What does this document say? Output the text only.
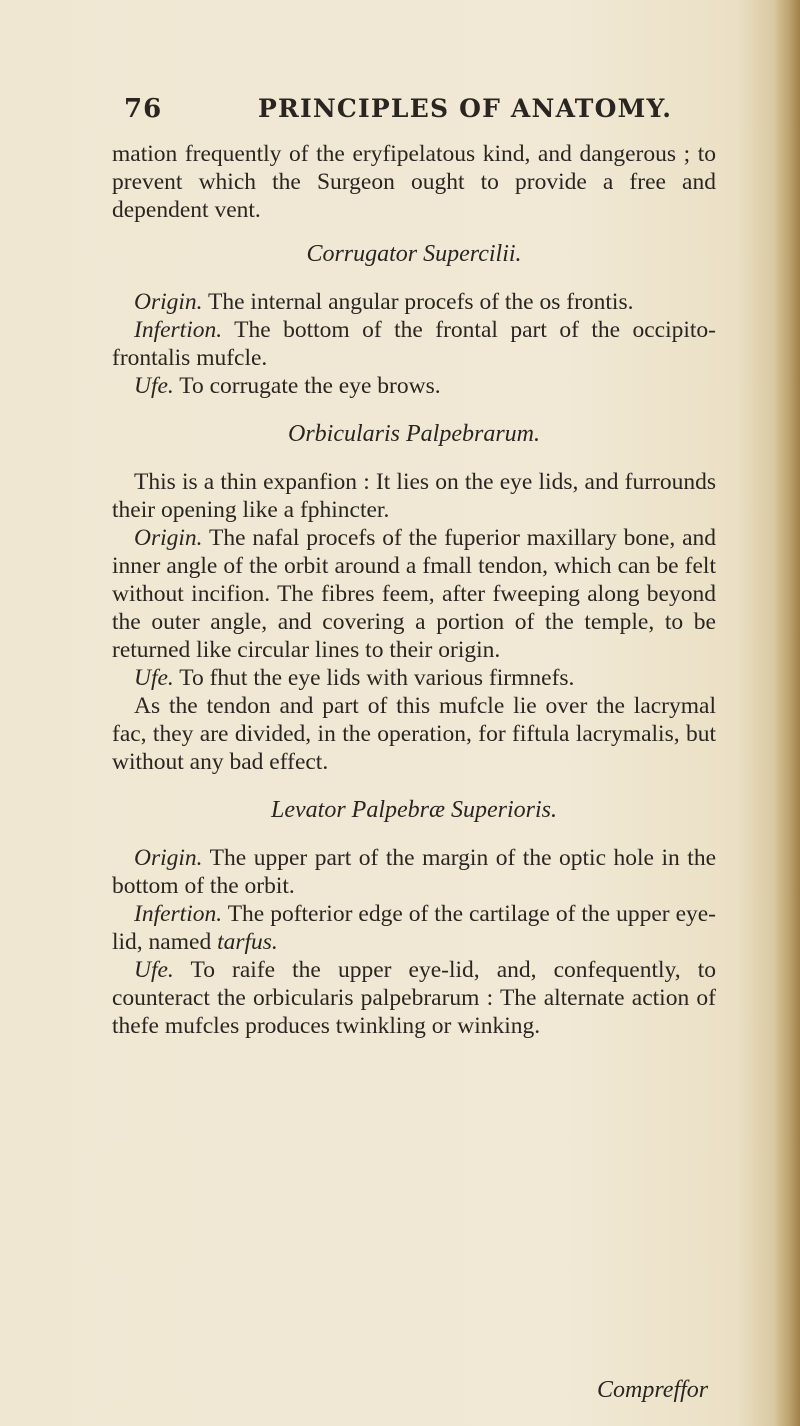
76	PRINCIPLES OF ANATOMY.

mation frequently of the eryfipelatous kind, and dangerous ; to prevent which the Surgeon ought to provide a free and dependent vent.

Corrugator Supercilii.

Origin. The internal angular procefs of the os frontis.

Infertion. The bottom of the frontal part of the occipito-frontalis mufcle.

Ufe. To corrugate the eye brows.

Orbicularis Palpebrarum.

This is a thin expanfion : It lies on the eye lids, and furrounds their opening like a fphincter.

Origin. The nafal procefs of the fuperior maxillary bone, and inner angle of the orbit around a fmall tendon, which can be felt without incifion. The fibres feem, after fweeping along beyond the outer angle, and covering a portion of the temple, to be returned like circular lines to their origin.

Ufe. To fhut the eye lids with various firmnefs.

As the tendon and part of this mufcle lie over the lacrymal fac, they are divided, in the operation, for fiftula lacrymalis, but without any bad effect.

Levator Palpebræ Superioris.

Origin. The upper part of the margin of the optic hole in the bottom of the orbit.

Infertion. The pofterior edge of the cartilage of the upper eye-lid, named tarfus.

Ufe. To raife the upper eye-lid, and, confequently, to counteract the orbicularis palpebrarum : The alternate action of thefe mufcles produces twinkling or winking.

Compreffor
